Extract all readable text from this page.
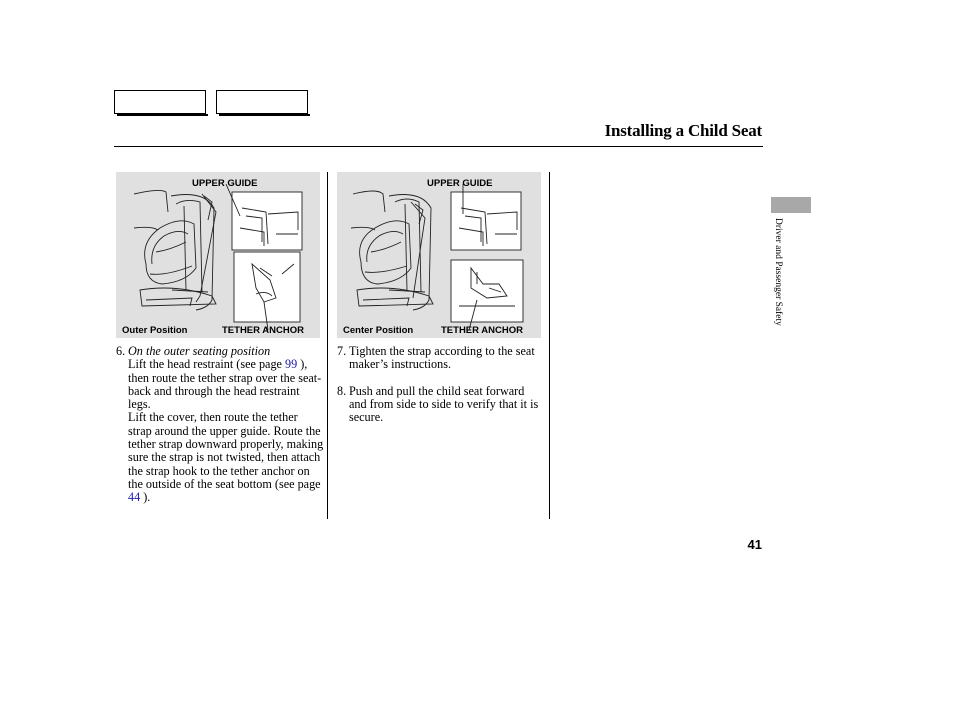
Installing a Child Seat
UPPER GUIDE
Outer Position	TETHER ANCHOR
UPPER GUIDE
Center Position	TETHER ANCHOR
6. On the outer seating position
Lift the head restraint (see page 99 ), then route the tether strap over the seat-back and through the head restraint legs.
Lift the cover, then route the tether strap around the upper guide. Route the tether strap downward properly, making sure the strap is not twisted, then attach the strap hook to the tether anchor on the outside of the seat bottom (see page 44 ).
7. Tighten the strap according to the seat maker’s instructions.
8. Push and pull the child seat forward and from side to side to verify that it is secure.
Driver and Passenger Safety
41
